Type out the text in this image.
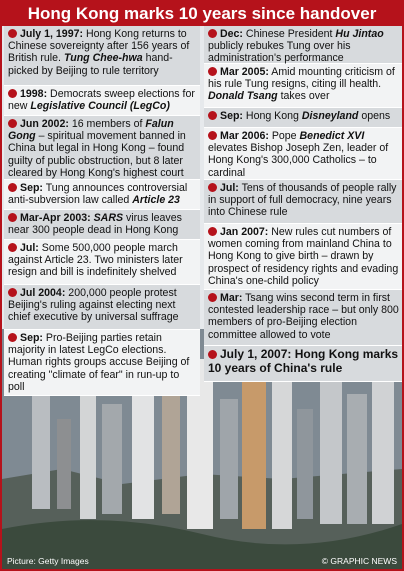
Hong Kong marks 10 years since handover
July 1, 1997: Hong Kong returns to Chinese sovereignty after 156 years of British rule. Tung Chee-hwa hand-picked by Beijing to rule territory
1998: Democrats sweep elections for new Legislative Council (LegCo)
Jun 2002: 16 members of Falun Gong – spiritual movement banned in China but legal in Hong Kong – found guilty of public obstruction, but 8 later cleared by Hong Kong's highest court
Sep: Tung announces controversial anti-subversion law called Article 23
Mar-Apr 2003: SARS virus leaves near 300 people dead in Hong Kong
Jul: Some 500,000 people march against Article 23. Two ministers later resign and bill is indefinitely shelved
Jul 2004: 200,000 people protest Beijing's ruling against electing next chief executive by universal suffrage
Sep: Pro-Beijing parties retain majority in latest LegCo elections. Human rights groups accuse Beijing of creating "climate of fear" in run-up to poll
Dec: Chinese President Hu Jintao publicly rebukes Tung over his administration's performance
Mar 2005: Amid mounting criticism of his rule Tung resigns, citing ill health. Donald Tsang takes over
Sep: Hong Kong Disneyland opens
Mar 2006: Pope Benedict XVI elevates Bishop Joseph Zen, leader of Hong Kong's 300,000 Catholics – to cardinal
Jul: Tens of thousands of people rally in support of full democracy, nine years into Chinese rule
Jan 2007: New rules cut numbers of women coming from mainland China to Hong Kong to give birth – drawn by prospect of residency rights and evading China's one-child policy
Mar: Tsang wins second term in first contested leadership race – but only 800 members of pro-Beijing election committee allowed to vote
July 1, 2007: Hong Kong marks 10 years of China's rule
Picture: Getty Images	© GRAPHIC NEWS
